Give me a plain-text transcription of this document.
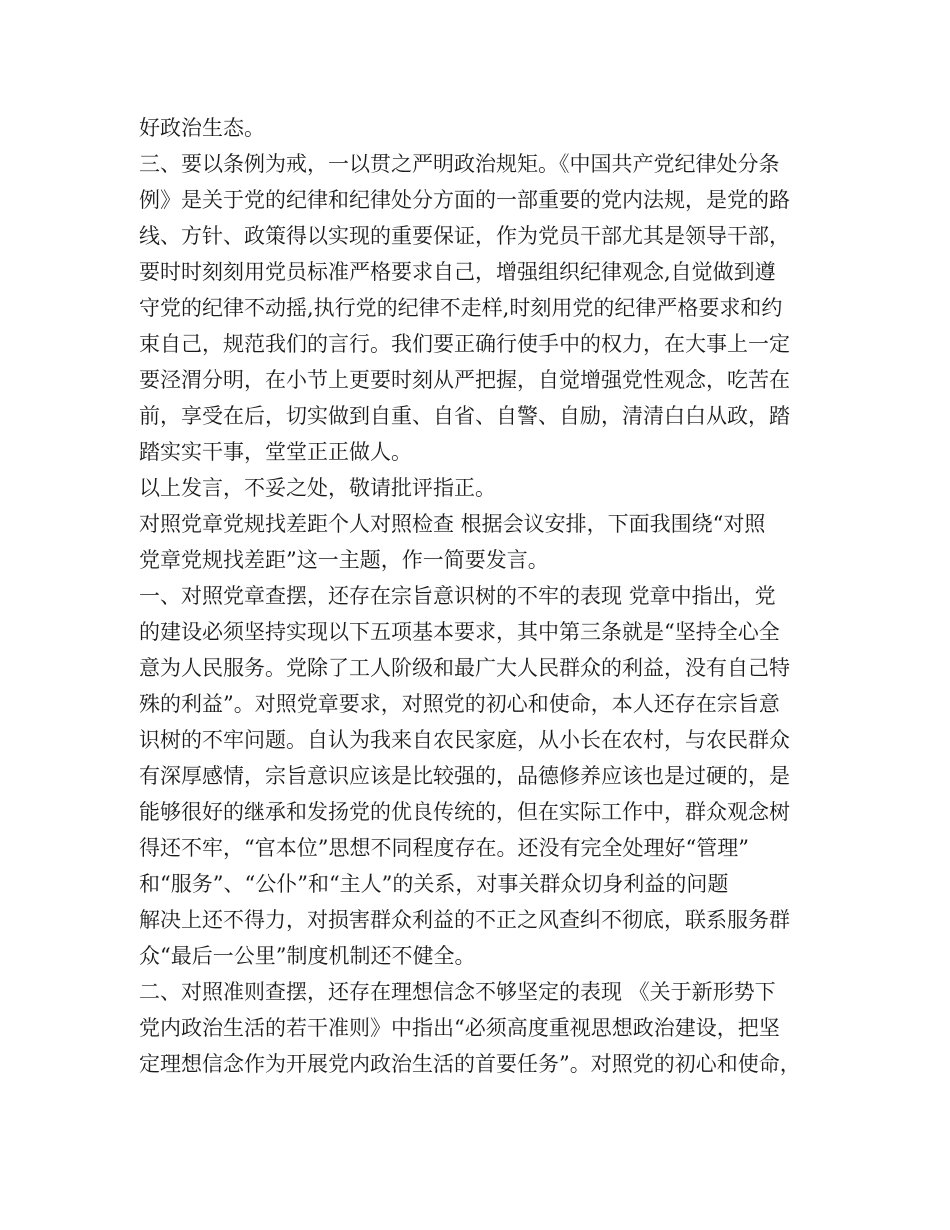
好政治生态。
三、要以条例为戒，一以贯之严明政治规矩。《中国共产党纪律处分条
例》是关于党的纪律和纪律处分方面的一部重要的党内法规，是党的路
线、方针、政策得以实现的重要保证，作为党员干部尤其是领导干部，
要时时刻刻用党员标准严格要求自己，增强组织纪律观念,自觉做到遵
守党的纪律不动摇,执行党的纪律不走样,时刻用党的纪律严格要求和约
束自己，规范我们的言行。我们要正确行使手中的权力，在大事上一定
要泾渭分明，在小节上更要时刻从严把握，自觉增强党性观念，吃苦在
前，享受在后，切实做到自重、自省、自警、自励，清清白白从政，踏
踏实实干事，堂堂正正做人。
以上发言，不妥之处，敬请批评指正。
对照党章党规找差距个人对照检查 根据会议安排，下面我围绕“对照
党章党规找差距”这一主题，作一简要发言。
一、对照党章查摆，还存在宗旨意识树的不牢的表现 党章中指出，党
的建设必须坚持实现以下五项基本要求，其中第三条就是“坚持全心全
意为人民服务。党除了工人阶级和最广大人民群众的利益，没有自己特
殊的利益”。对照党章要求，对照党的初心和使命，本人还存在宗旨意
识树的不牢问题。自认为我来自农民家庭，从小长在农村，与农民群众
有深厚感情，宗旨意识应该是比较强的，品德修养应该也是过硬的，是
能够很好的继承和发扬党的优良传统的，但在实际工作中，群众观念树
得还不牢，“官本位”思想不同程度存在。还没有完全处理好“管理”
和“服务”、“公仆”和“主人”的关系，对事关群众切身利益的问题
解决上还不得力，对损害群众利益的不正之风查纠不彻底，联系服务群
众“最后一公里”制度机制还不健全。
二、对照准则查摆，还存在理想信念不够坚定的表现 《关于新形势下
党内政治生活的若干准则》中指出“必须高度重视思想政治建设，把坚
定理想信念作为开展党内政治生活的首要任务”。对照党的初心和使命，
